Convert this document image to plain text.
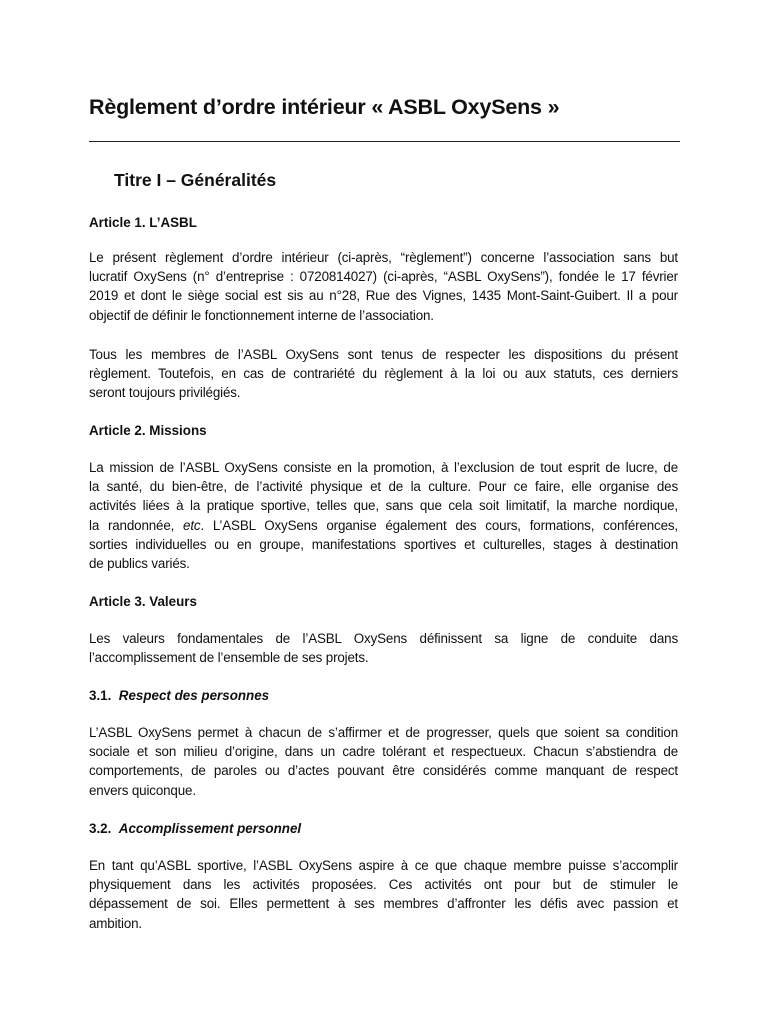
Règlement d’ordre intérieur « ASBL OxySens »
Titre I – Généralités
Article 1. L’ASBL
Le présent règlement d’ordre intérieur (ci-après, “règlement”) concerne l’association sans but
lucratif OxySens (n° d’entreprise : 0720814027) (ci-après, “ASBL OxySens”), fondée le 17 février
2019 et dont le siège social est sis au n°28, Rue des Vignes, 1435 Mont-Saint-Guibert. Il a pour
objectif de définir le fonctionnement interne de l’association.
Tous les membres de l’ASBL OxySens sont tenus de respecter les dispositions du présent
règlement. Toutefois, en cas de contrariété du règlement à la loi ou aux statuts, ces derniers
seront toujours privilégiés.
Article 2. Missions
La mission de l’ASBL OxySens consiste en la promotion, à l’exclusion de tout esprit de lucre, de
la santé, du bien-être, de l’activité physique et de la culture. Pour ce faire, elle organise des
activités liées à la pratique sportive, telles que, sans que cela soit limitatif, la marche nordique,
la randonnée, etc. L’ASBL OxySens organise également des cours, formations, conférences,
sorties individuelles ou en groupe, manifestations sportives et culturelles, stages à destination
de publics variés.
Article 3. Valeurs
Les valeurs fondamentales de l’ASBL OxySens définissent sa ligne de conduite dans
l’accomplissement de l’ensemble de ses projets.
3.1. Respect des personnes
L’ASBL OxySens permet à chacun de s’affirmer et de progresser, quels que soient sa condition
sociale et son milieu d’origine, dans un cadre tolérant et respectueux. Chacun s’abstiendra de
comportements, de paroles ou d’actes pouvant être considérés comme manquant de respect
envers quiconque.
3.2. Accomplissement personnel
En tant qu’ASBL sportive, l’ASBL OxySens aspire à ce que chaque membre puisse s’accomplir
physiquement dans les activités proposées. Ces activités ont pour but de stimuler le
dépassement de soi. Elles permettent à ses membres d’affronter les défis avec passion et
ambition.
